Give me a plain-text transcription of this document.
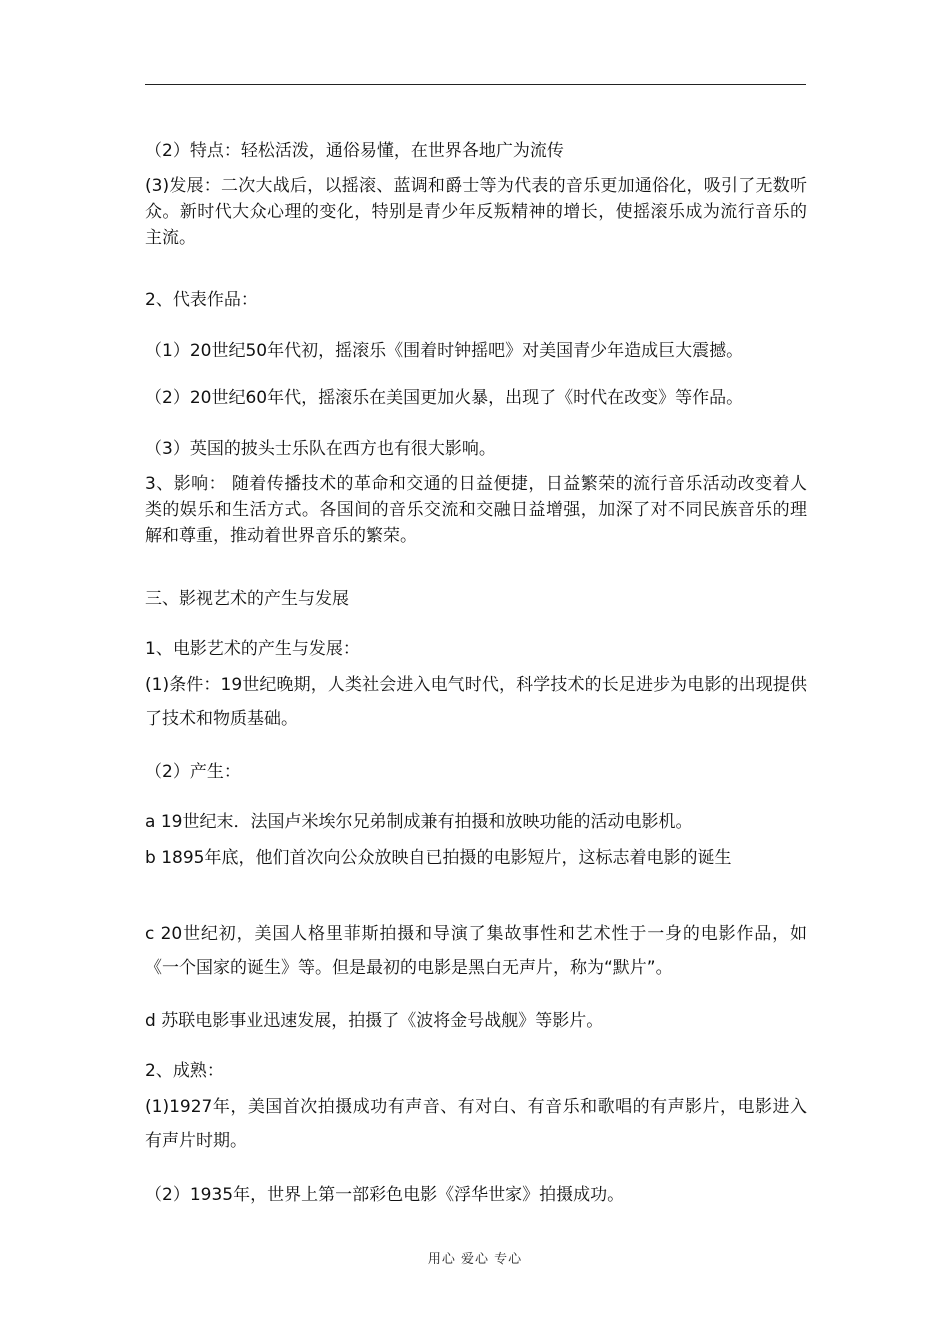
（2）特点：轻松活泼，通俗易懂，在世界各地广为流传
(3)发展：二次大战后，以摇滚、蓝调和爵士等为代表的音乐更加通俗化，吸引了无数听众。新时代大众心理的变化，特别是青少年反叛精神的增长，使摇滚乐成为流行音乐的主流。
2、代表作品：
（1）20世纪50年代初，摇滚乐《围着时钟摇吧》对美国青少年造成巨大震撼。
（2）20世纪60年代，摇滚乐在美国更加火暴，出现了《时代在改变》等作品。
（3）英国的披头士乐队在西方也有很大影响。
3、影响： 随着传播技术的革命和交通的日益便捷，日益繁荣的流行音乐活动改变着人类的娱乐和生活方式。各国间的音乐交流和交融日益增强，加深了对不同民族音乐的理解和尊重，推动着世界音乐的繁荣。
三、影视艺术的产生与发展
1、电影艺术的产生与发展：
(1)条件：19世纪晚期，人类社会进入电气时代，科学技术的长足进步为电影的出现提供了技术和物质基础。
（2）产生：
a 19世纪末．法国卢米埃尔兄弟制成兼有拍摄和放映功能的活动电影机。
b 1895年底，他们首次向公众放映自已拍摄的电影短片，这标志着电影的诞生
c 20世纪初，美国人格里菲斯拍摄和导演了集故事性和艺术性于一身的电影作品，如《一个国家的诞生》等。但是最初的电影是黑白无声片，称为“默片”。
d 苏联电影事业迅速发展，拍摄了《波将金号战舰》等影片。
2、成熟：
(1)1927年，美国首次拍摄成功有声音、有对白、有音乐和歌唱的有声影片，电影进入有声片时期。
（2）1935年，世界上第一部彩色电影《浮华世家》拍摄成功。
用心 爱心 专心
